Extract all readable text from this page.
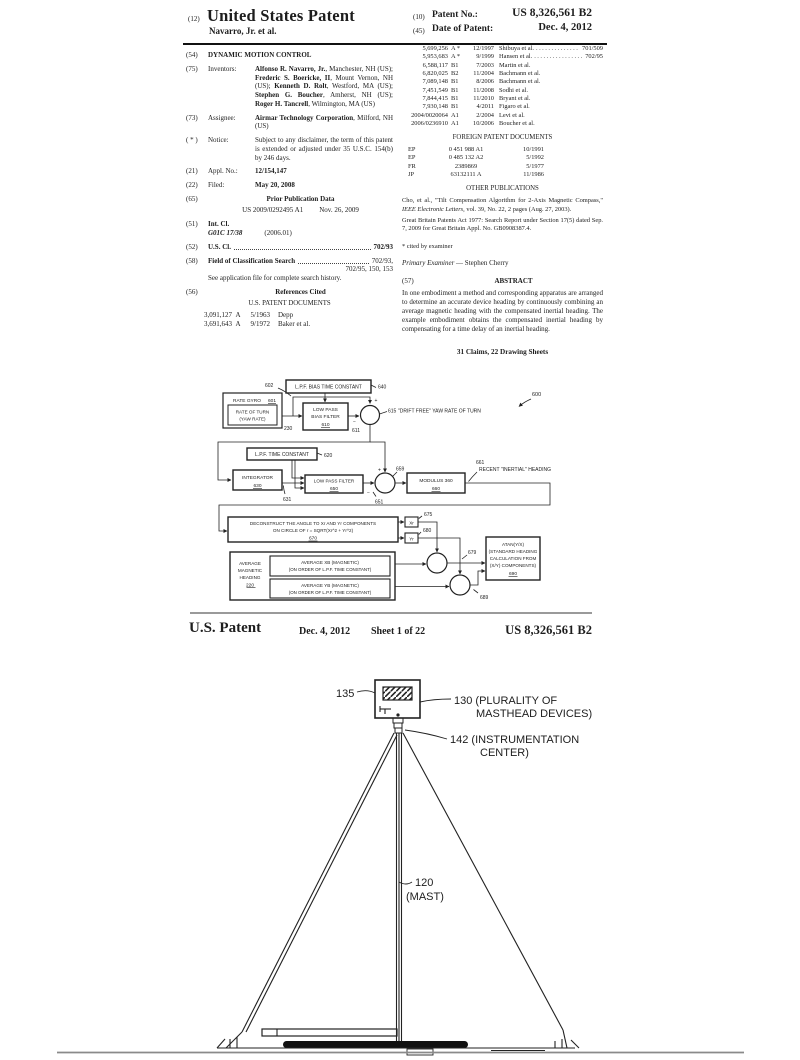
(12) United States Patent
Navarro, Jr. et al.
(10) Patent No.:	US 8,326,561 B2
(45) Date of Patent:	Dec. 4, 2012
(54)	DYNAMIC MOTION CONTROL
(75)	Inventors:	Alfonso R. Navarro, Jr., Manchester, NH (US); Frederic S. Boericke, II, Mount Vernon, NH (US); Kenneth D. Rolt, Westford, MA (US); Stephen G. Boucher, Amherst, NH (US); Roger H. Tancrell, Wilmington, MA (US)
(73)	Assignee:	Airmar Technology Corporation, Milford, NH (US)
( * )	Notice:	Subject to any disclaimer, the term of this patent is extended or adjusted under 35 U.S.C. 154(b) by 246 days.
(21)	Appl. No.:	12/154,147
(22)	Filed:	May 20, 2008
(65)	Prior Publication Data
US 2009/0292495 A1 Nov. 26, 2009
(51)	Int. Cl.
G01C 17/38	(2006.01)
(52)	U.S. Cl.	702/93
(58)	Field of Classification Search	702/93,
702/95, 150, 153
See application file for complete search history.
(56)	References Cited
U.S. PATENT DOCUMENTS
3,091,127 A	5/1963	Depp
3,691,643 A	9/1972	Baker et al.
5,699,256 A *	12/1997 Shibuya et al. .............. 701/509
5,953,683 A *	9/1999 Hansen et al. ................ 702/95
6,588,117 B1	7/2003 Martin et al.
6,820,025 B2	11/2004 Bachmann et al.
7,089,148 B1	8/2006 Bachmann et al.
7,451,549 B1	11/2008 Sodhi et al.
7,844,415 B1	11/2010 Bryant et al.
7,930,148 B1	4/2011 Figaro et al.
2004/0020064 A1	2/2004 Levi et al.
2006/0236910 A1	10/2006 Boucher et al.
FOREIGN PATENT DOCUMENTS
EP	0 451 988 A1	10/1991
EP	0 485 132 A2	5/1992
FR	2389869	5/1977
JP	63132111 A	11/1986
OTHER PUBLICATIONS
Cho, et al., "Tilt Compensation Algorithm for 2-Axis Magnetic Compass," IEEE Electronic Letters, vol. 39, No. 22, 2 pages (Aug. 27, 2003).
Great Britain Patents Act 1977: Search Report under Section 17(5) dated Sep. 7, 2009 for Great Britain Appl. No. GB0908387.4.
* cited by examiner
Primary Examiner — Stephen Cherry
(57)	ABSTRACT
In one embodiment a method and corresponding apparatus are arranged to determine an accurate device heading by continuously combining an average magnetic heading with the compensated inertial heading. The example embodiment obtains the compensated inertial heading by compensating for a time delay of an inertial heading.
31 Claims, 22 Drawing Sheets
L.P.F. BIAS TIME CONSTANT	640
602
RATE GYRO 601
RATE OF TURN
(YAW RATE)
230
LOW PASS
BIAS FILTER
610
611
615 "DRIFT FREE" YAW RATE OF TURN
600
+
−
L.P.F. TIME CONSTANT	620
INTEGRATOR
630
631
LOW PASS FILTER
650
651
659
+
−
MODULUS 360
660
661
RECENT "INERTIAL" HEADING
DECONSTRUCT THE ANGLE TO Xr AND Yr COMPONENTS
ON CIRCLE OF r = SQRT(Xr^2 + Yr^2)
670
Xr
Yr
675
680
AVERAGE
MAGNETIC
HEADING
220
AVERAGE XB (MAGNETIC)
(ON ORDER OF L.P.F. TIME CONSTANT)
AVERAGE YB (MAGNETIC)
(ON ORDER OF L.P.F. TIME CONSTANT)
679
689
ATAN(Y/X)
(STANDARD HEADING
CALCULATION FROM
(X/Y) COMPONENTS)
690
U.S. Patent	Dec. 4, 2012 Sheet 1 of 22	US 8,326,561 B2
135
130 (PLURALITY OF
MASTHEAD DEVICES)
142 (INSTRUMENTATION
CENTER)
120
(MAST)
